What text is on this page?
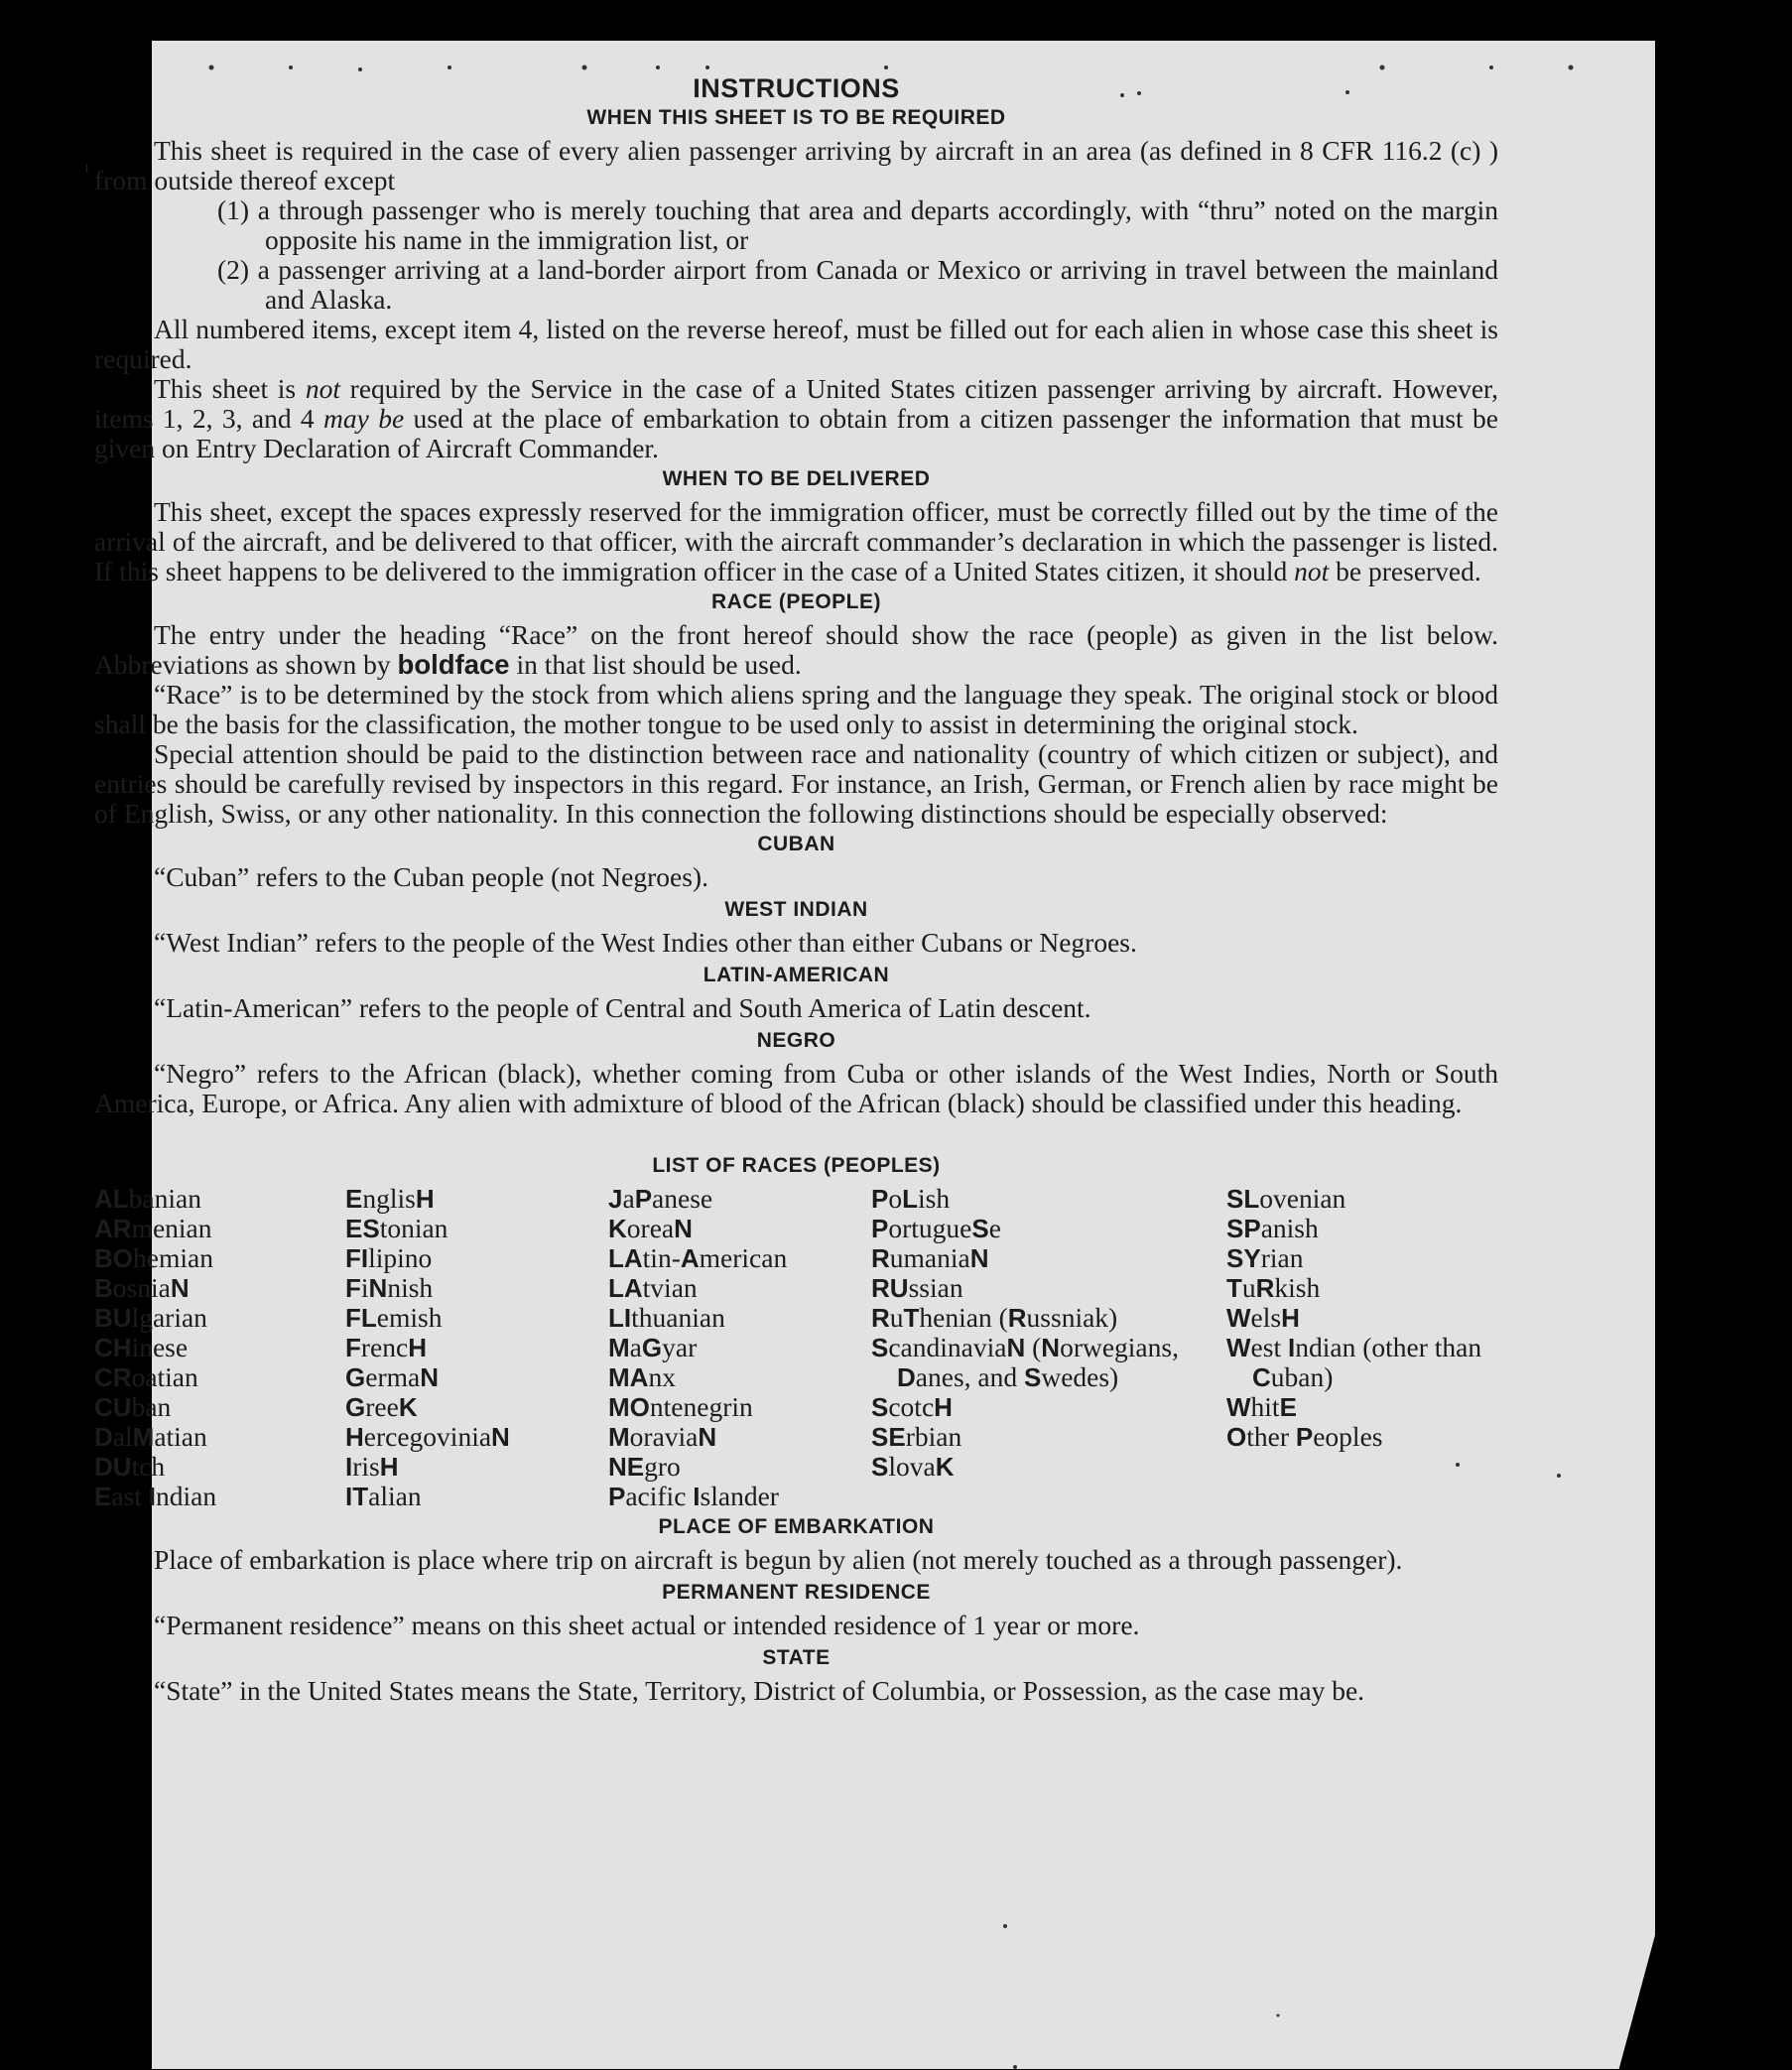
ı
INSTRUCTIONS
WHEN THIS SHEET IS TO BE REQUIRED

This sheet is required in the case of every alien passenger arriving by aircraft in an area (as defined in 8 CFR 116.2 (c) ) from outside thereof except

(1) a through passenger who is merely touching that area and departs accordingly, with “thru” noted on the margin opposite his name in the immigration list, or
(2) a passenger arriving at a land-border airport from Canada or Mexico or arriving in travel between the mainland and Alaska.

All numbered items, except item 4, listed on the reverse hereof, must be filled out for each alien in whose case this sheet is required.

This sheet is not required by the Service in the case of a United States citizen passenger arriving by aircraft. However, items 1, 2, 3, and 4 may be used at the place of embarkation to obtain from a citizen passenger the information that must be given on Entry Declaration of Aircraft Commander.

WHEN TO BE DELIVERED

This sheet, except the spaces expressly reserved for the immigration officer, must be correctly filled out by the time of the arrival of the aircraft, and be delivered to that officer, with the aircraft commander’s declaration in which the passenger is listed. If this sheet happens to be delivered to the immigration officer in the case of a United States citizen, it should not be preserved.

RACE (PEOPLE)

The entry under the heading “Race” on the front hereof should show the race (people) as given in the list below. Abbreviations as shown by boldface in that list should be used.

“Race” is to be determined by the stock from which aliens spring and the language they speak. The original stock or blood shall be the basis for the classification, the mother tongue to be used only to assist in determining the original stock.

Special attention should be paid to the distinction between race and nationality (country of which citizen or subject), and entries should be carefully revised by inspectors in this regard. For instance, an Irish, German, or French alien by race might be of English, Swiss, or any other nationality. In this connection the following distinctions should be especially observed:

CUBAN
“Cuban” refers to the Cuban people (not Negroes).
WEST INDIAN
“West Indian” refers to the people of the West Indies other than either Cubans or Negroes.
LATIN-AMERICAN
“Latin-American” refers to the people of Central and South America of Latin descent.
NEGRO

“Negro” refers to the African (black), whether coming from Cuba or other islands of the West Indies, North or South America, Europe, or Africa. Any alien with admixture of blood of the African (black) should be classified under this heading.

LIST OF RACES (PEOPLES)
ALbanian
ARmenian
BOhemian
BosniaN
BUlgarian
CHinese
CRoatian
CUban
DalMatian
DUtch
East Indian
EnglisH
EStonian
FIlipino
FiNnish
FLemish
FrencH
GermaN
GreeK
HercegoviniaN
IrisH
ITalian
JaPanese
KoreaN
LAtin-American
LAtvian
LIthuanian
MaGyar
MAnx
MOntenegrin
MoraviaN
NEgro
Pacific Islander
PoLish
PortugueSe
RumaniaN
RUssian
RuThenian (Russniak)
ScandinaviaN (Norwegians, Danes, and Swedes)
ScotcH
SErbian
SlovaK
SLovenian
SPanish
SYrian
TuRkish
WelsH
West Indian (other than Cuban)
WhitE
Other Peoples
PLACE OF EMBARKATION

Place of embarkation is place where trip on aircraft is begun by alien (not merely touched as a through passenger).

PERMANENT RESIDENCE
“Permanent residence” means on this sheet actual or intended residence of 1 year or more.
STATE

“State” in the United States means the State, Territory, District of Columbia, or Possession, as the case may be.
